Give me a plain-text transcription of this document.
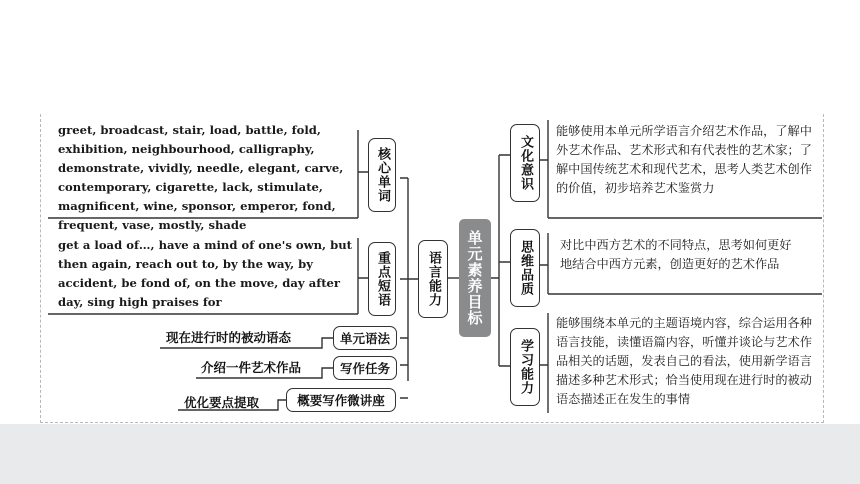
greet, broadcast, stair, load, battle, fold, exhibition, neighbourhood, calligraphy, demonstrate, vividly, needle, elegant, carve, contemporary, cigarette, lack, stimulate, magnificent, wine, sponsor, emperor, fond, frequent, vase, mostly, shade
get a load of…, have a mind of one's own, but then again, reach out to, by the way, by accident, be fond of, on the move, day after day, sing high praises for
核心单词
重点短语	语言能力
现在进行时的被动语态	单元语法
介绍一件艺术作品	写作任务
优化要点提取	概要写作微讲座
单元素养目标
文化意识
能够使用本单元所学语言介绍艺术作品，了解中外艺术作品、艺术形式和有代表性的艺术家；了解中国传统艺术和现代艺术，思考人类艺术创作的价值，初步培养艺术鉴赏力
思维品质	对比中西方艺术的不同特点，思考如何更好地结合中西方元素，创造更好的艺术作品
学习能力
能够围绕本单元的主题语境内容，综合运用各种语言技能，读懂语篇内容，听懂并谈论与艺术作品相关的话题，发表自己的看法，使用新学语言描述多种艺术形式；恰当使用现在进行时的被动语态描述正在发生的事情
